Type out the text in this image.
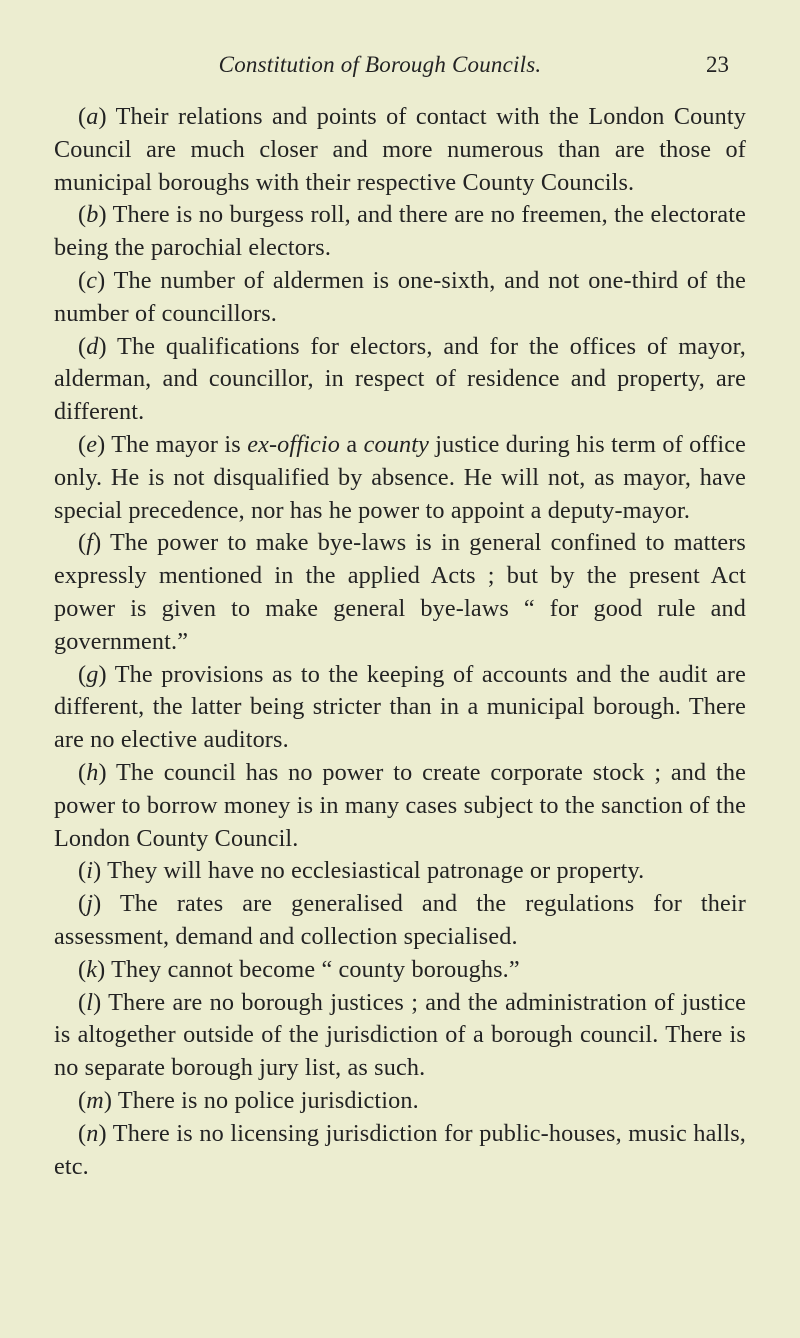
Constitution of Borough Councils.	23

(a) Their relations and points of contact with the London County Council are much closer and more numerous than are those of municipal boroughs with their respective County Councils.

(b) There is no burgess roll, and there are no freemen, the electorate being the parochial electors.

(c) The number of aldermen is one-sixth, and not one-third of the number of councillors.

(d) The qualifications for electors, and for the offices of mayor, alderman, and councillor, in respect of residence and property, are different.

(e) The mayor is ex-officio a county justice during his term of office only. He is not disqualified by absence. He will not, as mayor, have special precedence, nor has he power to appoint a deputy-mayor.

(f) The power to make bye-laws is in general confined to matters expressly mentioned in the applied Acts ; but by the present Act power is given to make general bye-laws “ for good rule and government.”

(g) The provisions as to the keeping of accounts and the audit are different, the latter being stricter than in a municipal borough. There are no elective auditors.

(h) The council has no power to create corporate stock ; and the power to borrow money is in many cases subject to the sanction of the London County Council.

(i) They will have no ecclesiastical patronage or property.

(j) The rates are generalised and the regulations for their assessment, demand and collection specialised.

(k) They cannot become “ county boroughs.”

(l) There are no borough justices ; and the administration of justice is altogether outside of the jurisdiction of a borough council. There is no separate borough jury list, as such.

(m) There is no police jurisdiction.

(n) There is no licensing jurisdiction for public-houses, music halls, etc.
